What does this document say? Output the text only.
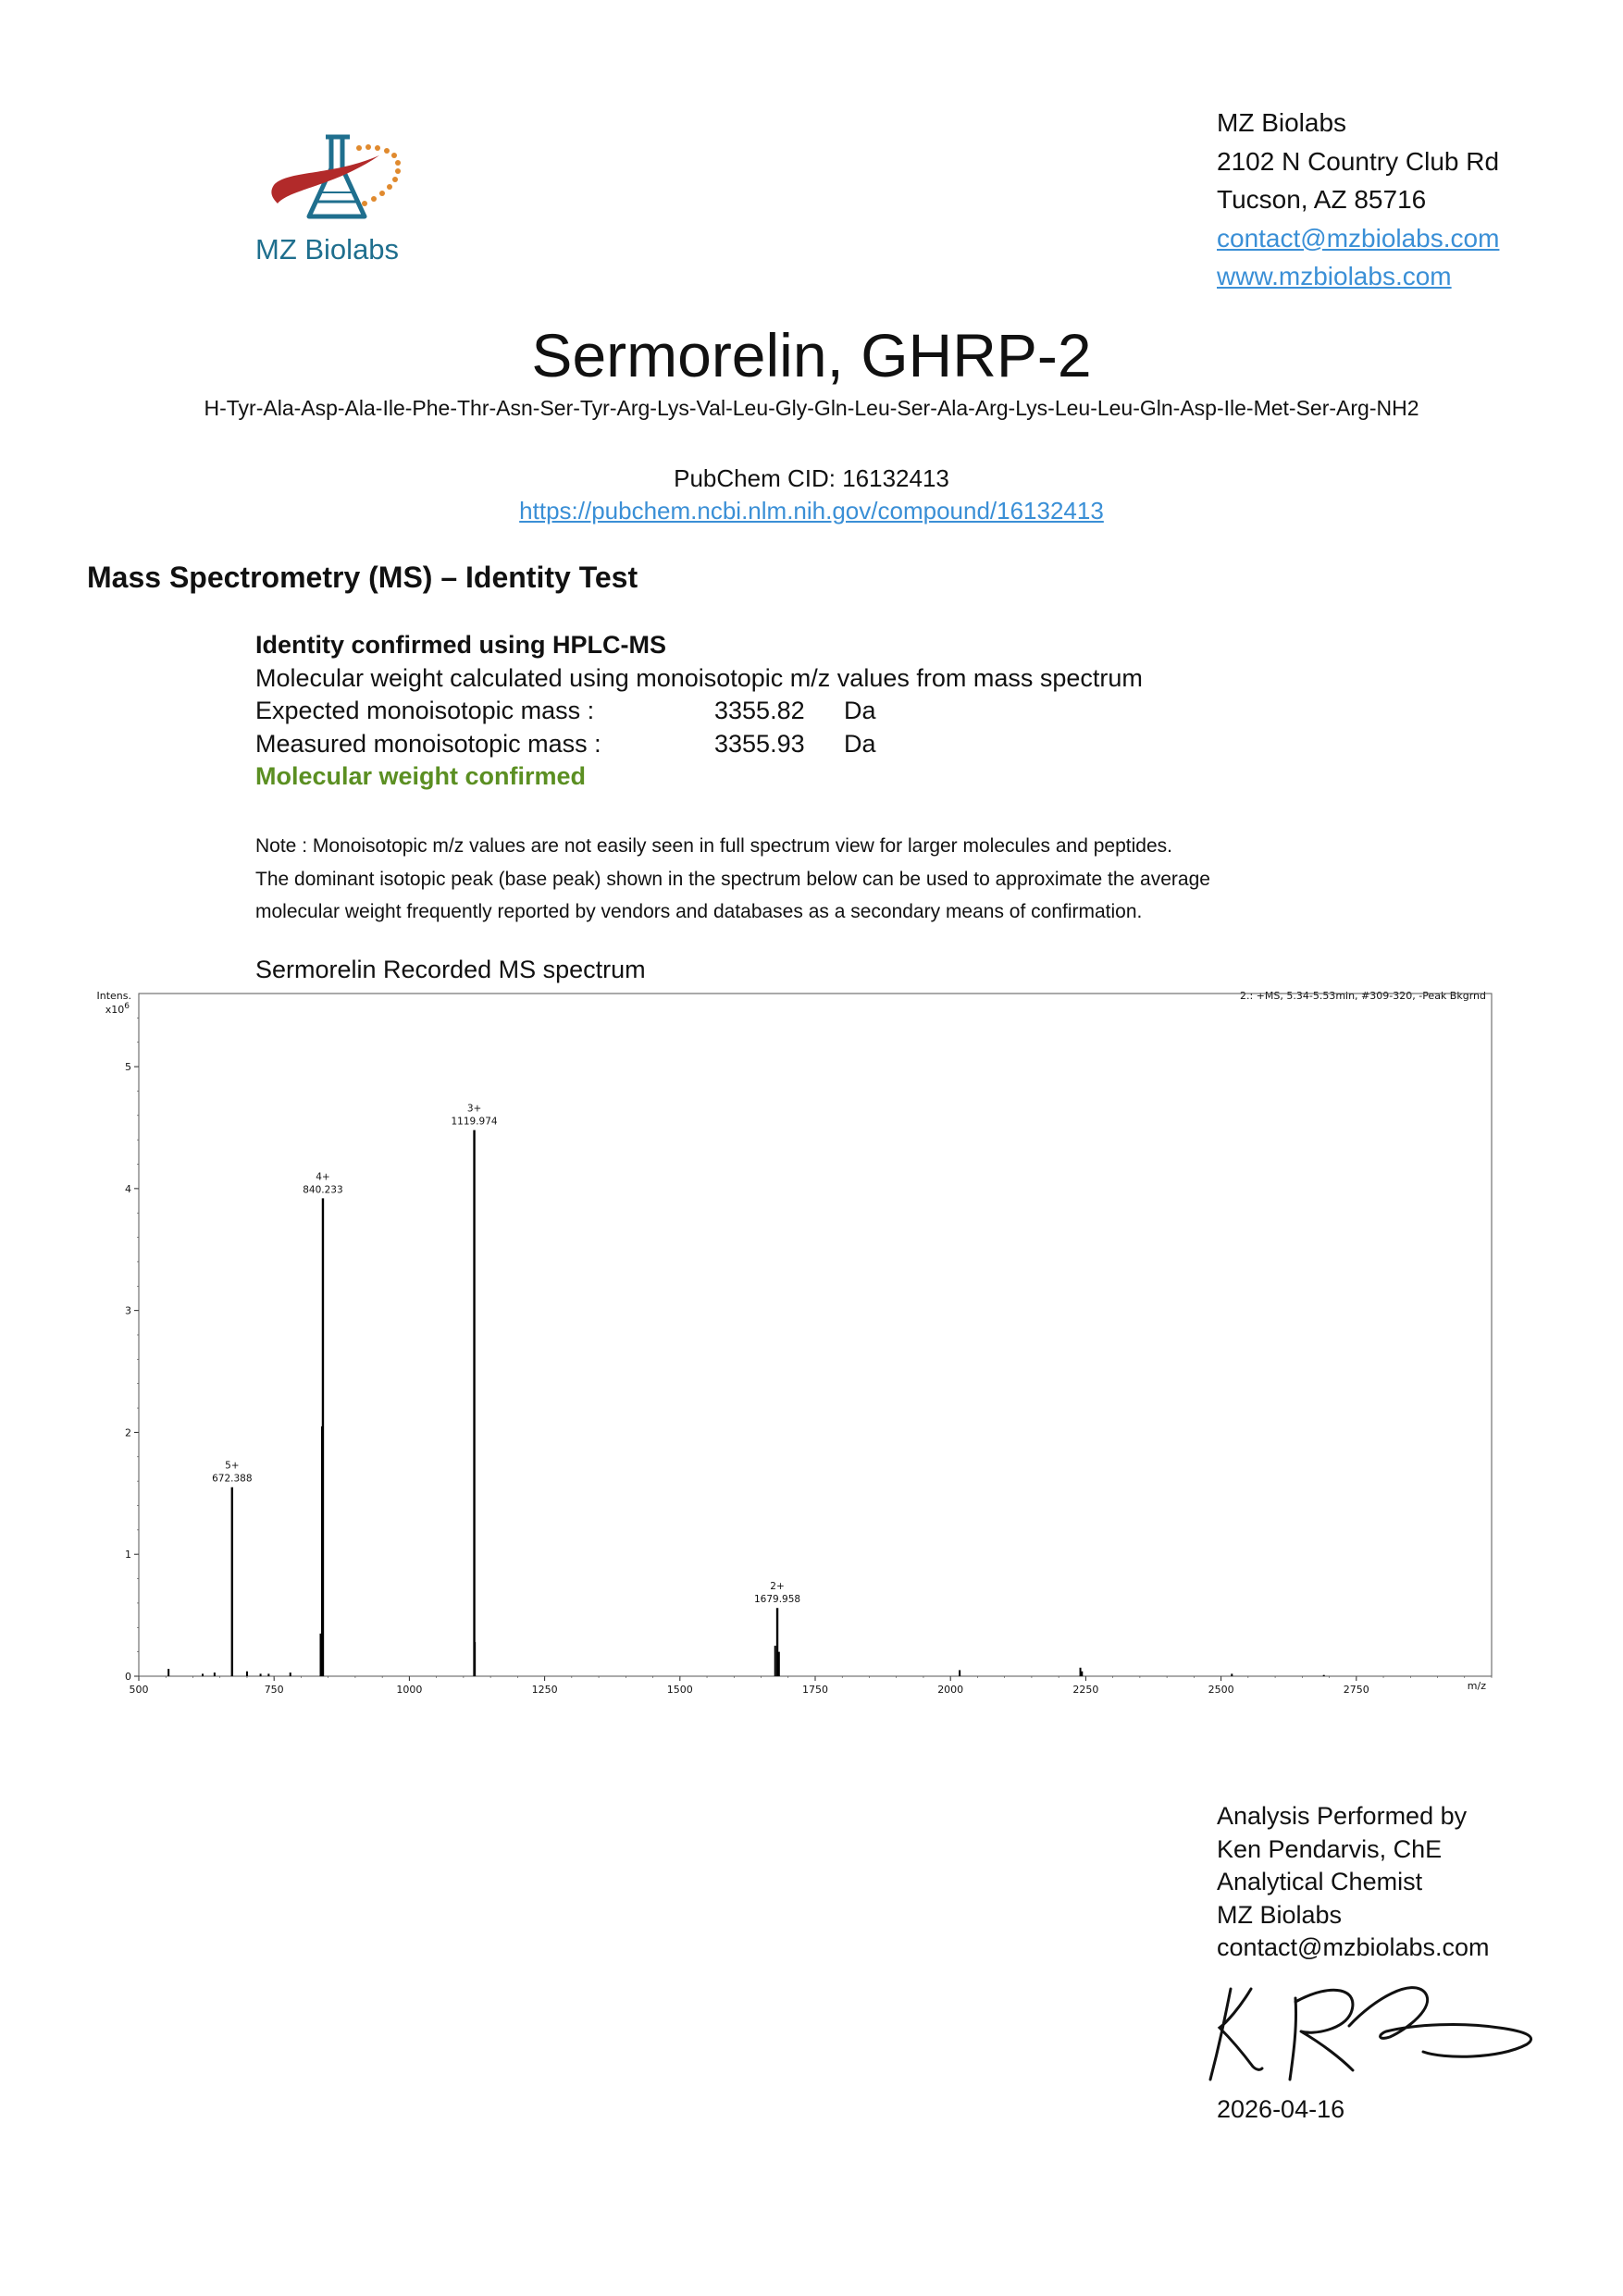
MZ Biolabs
MZ Biolabs
2102 N Country Club Rd
Tucson, AZ 85716
contact@mzbiolabs.com
www.mzbiolabs.com
Sermorelin, GHRP-2
H-Tyr-Ala-Asp-Ala-Ile-Phe-Thr-Asn-Ser-Tyr-Arg-Lys-Val-Leu-Gly-Gln-Leu-Ser-Ala-Arg-Lys-Leu-Leu-Gln-Asp-Ile-Met-Ser-Arg-NH2
PubChem CID: 16132413
https://pubchem.ncbi.nlm.nih.gov/compound/16132413
Mass Spectrometry (MS) – Identity Test
Identity confirmed using HPLC-MS
Molecular weight calculated using monoisotopic m/z values from mass spectrum
Expected monoisotopic mass :	3355.82 Da
Measured monoisotopic mass :	3355.93 Da
Molecular weight confirmed
Note : Monoisotopic m/z values are not easily seen in full spectrum view for larger molecules and peptides.
The dominant isotopic peak (base peak) shown in the spectrum below can be used to approximate the average
molecular weight frequently reported by vendors and databases as a secondary means of confirmation.
Sermorelin Recorded MS spectrum
2.: +MS, 5.34-5.53min, #309-320, -Peak Bkgrnd
Intens.
$x10^6$
m/z
0
1
2
3
4
5
500	750	1000	1250	1500	1750	2000	2250	2500	2750
5+
672.388
4+
840.233
3+
1119.974
2+
1679.958
Analysis Performed by
Ken Pendarvis, ChE
Analytical Chemist
MZ Biolabs
contact@mzbiolabs.com
2026-04-16
